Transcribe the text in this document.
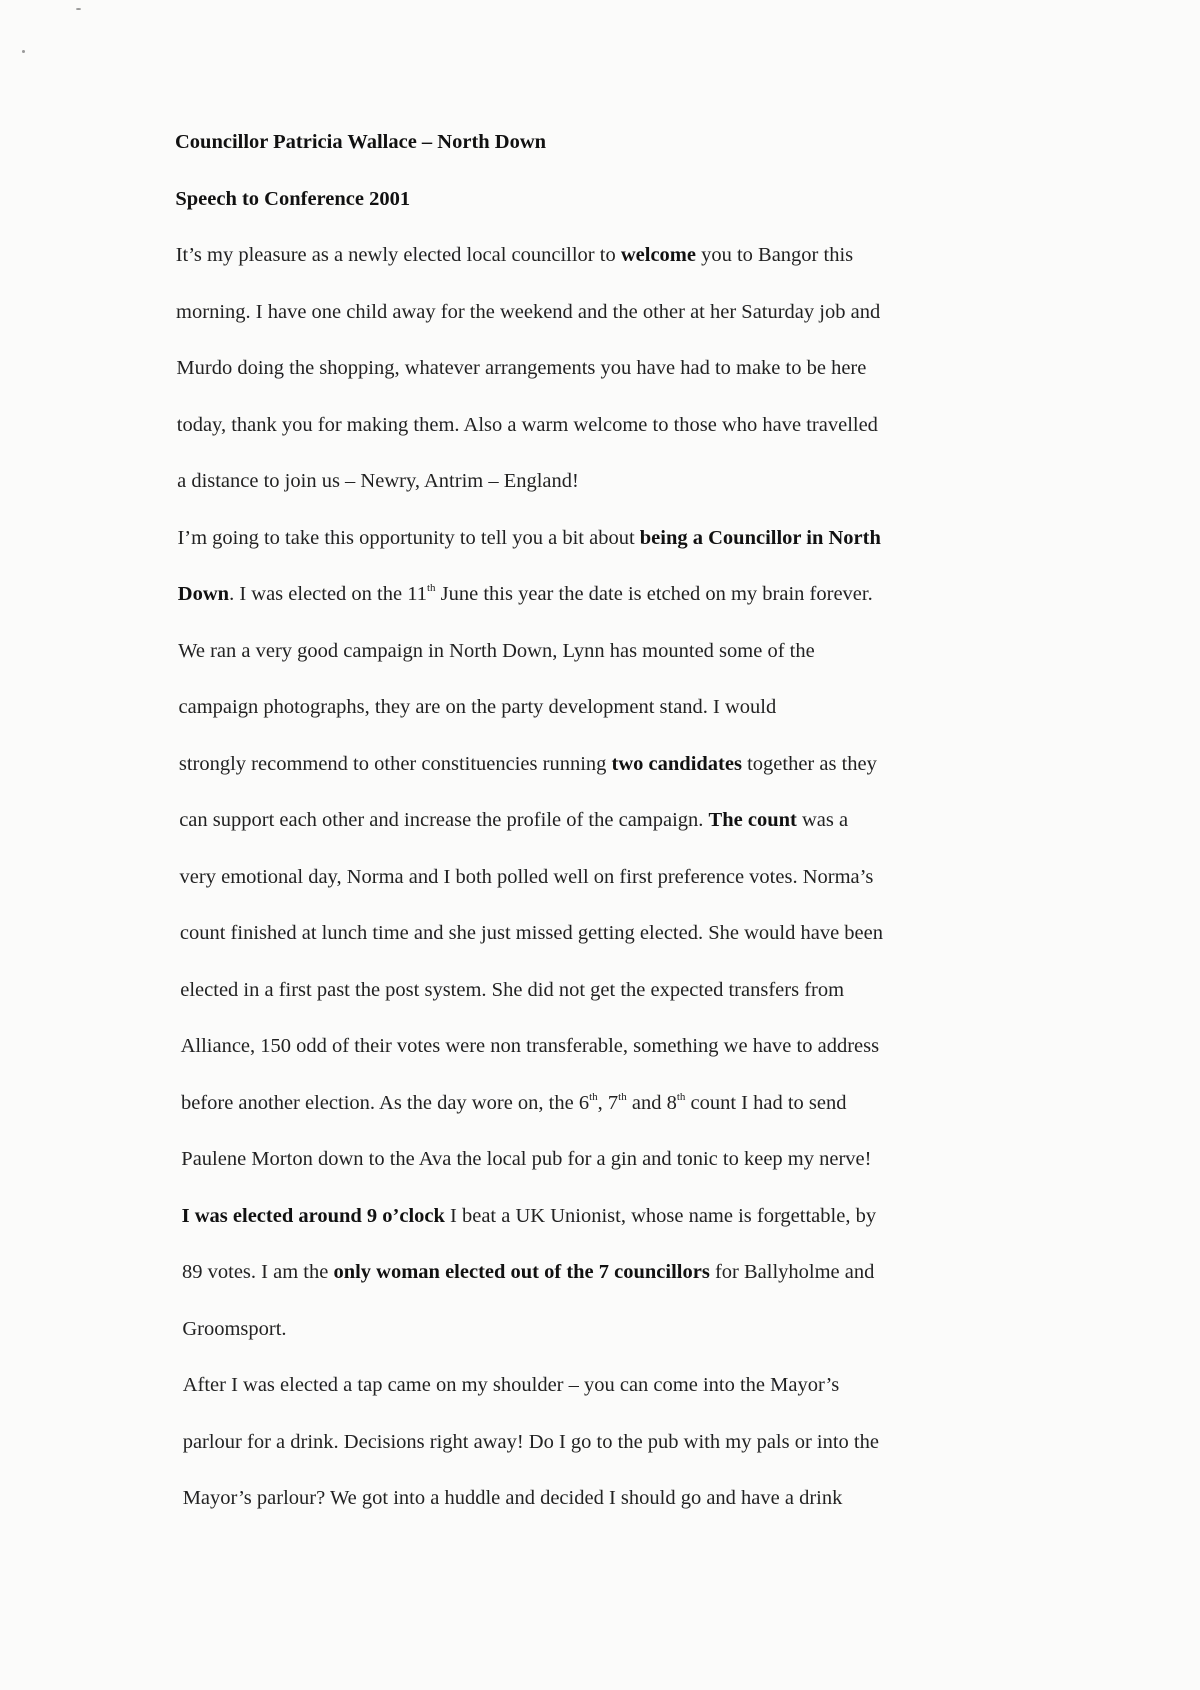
Councillor Patricia Wallace – North Down
Speech to Conference 2001
It’s my pleasure as a newly elected local councillor to welcome you to Bangor this
morning. I have one child away for the weekend and the other at her Saturday job and
Murdo doing the shopping, whatever arrangements you have had to make to be here
today, thank you for making them. Also a warm welcome to those who have travelled
a distance to join us – Newry, Antrim – England!
I’m going to take this opportunity to tell you a bit about being a Councillor in North
Down. I was elected on the 11th June this year the date is etched on my brain forever.
We ran a very good campaign in North Down, Lynn has mounted some of the
campaign photographs, they are on the party development stand. I would
strongly recommend to other constituencies running two candidates together as they
can support each other and increase the profile of the campaign. The count was a
very emotional day, Norma and I both polled well on first preference votes. Norma’s
count finished at lunch time and she just missed getting elected. She would have been
elected in a first past the post system. She did not get the expected transfers from
Alliance, 150 odd of their votes were non transferable, something we have to address
before another election. As the day wore on, the 6th, 7th and 8th count I had to send
Paulene Morton down to the Ava the local pub for a gin and tonic to keep my nerve!
I was elected around 9 o’clock I beat a UK Unionist, whose name is forgettable, by
89 votes. I am the only woman elected out of the 7 councillors for Ballyholme and
Groomsport.
After I was elected a tap came on my shoulder – you can come into the Mayor’s
parlour for a drink. Decisions right away! Do I go to the pub with my pals or into the
Mayor’s parlour? We got into a huddle and decided I should go and have a drink
